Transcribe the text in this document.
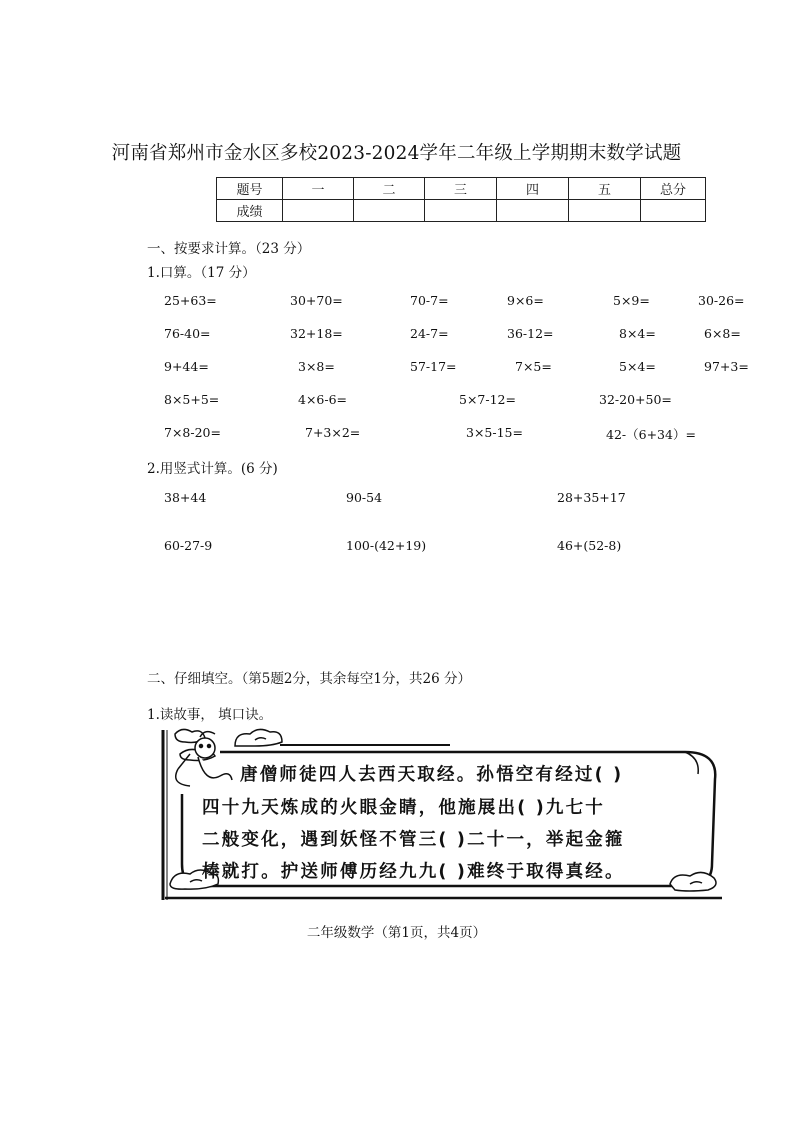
河南省郑州市金水区多校2023-2024学年二年级上学期期末数学试题
题号	一	二	三	四	五	总分
成绩						
一、按要求计算。（23 分）
1.口算。（17 分）
25+63=	30+70=	70-7=	9×6=	5×9=	30-26=
76-40=	32+18=	24-7=	36-12=	8×4=	6×8=
9+44=	3×8=	57-17=	7×5=	5×4=	97+3=
8×5+5=	4×6-6=	5×7-12=	32-20+50=
7×8-20=	7+3×2=	3×5-15=	42-（6+34）=
2.用竖式计算。(6 分)
38+44	90-54	28+35+17
60-27-9	100-(42+19)	46+(52-8)
二、仔细填空。（第5题2分，其余每空1分，共26 分）
1.读故事， 填口诀。
唐僧师徒四人去西天取经。孙悟空有经过( )
四十九天炼成的火眼金睛，他施展出( )九七十
二般变化，遇到妖怪不管三( )二十一，举起金箍
棒就打。护送师傅历经九九( )难终于取得真经。
二年级数学（第1页，共4页）
